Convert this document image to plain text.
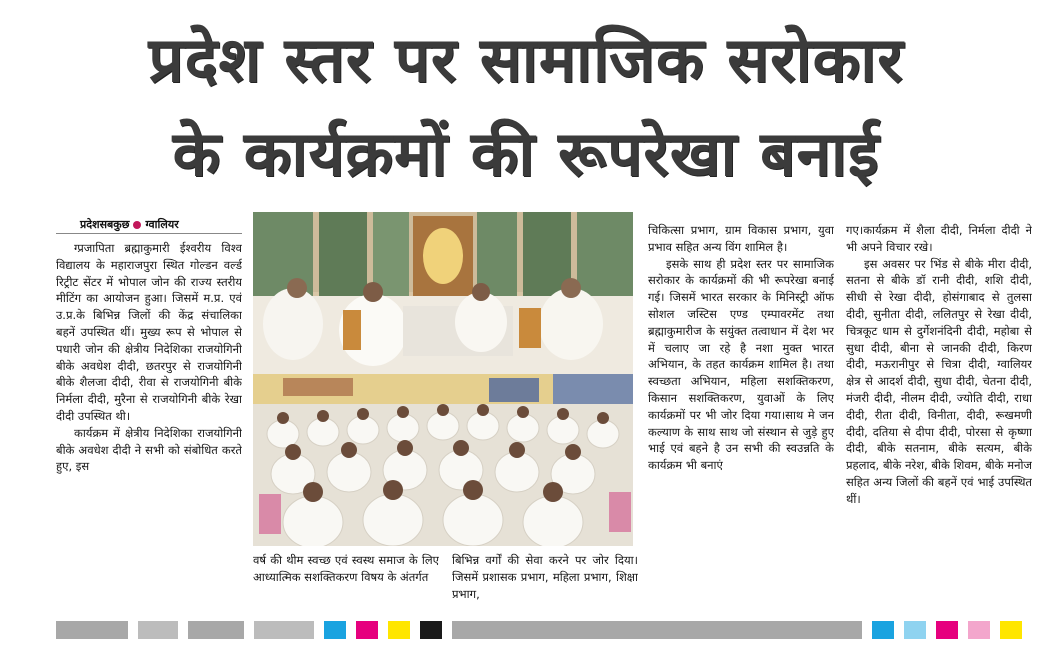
प्रदेश स्तर पर सामाजिक सरोकार
के कार्यक्रमों की रूपरेखा बनाई
प्रदेशसबकुछ ग्वालियर

ग्प्रजापिता ब्रह्माकुमारी ईश्वरीय विश्व विद्यालय के महाराजपुरा स्थित गोल्डन वर्ल्ड रिट्रीट सेंटर में भोपाल जोन की राज्य स्तरीय मीटिंग का आयोजन हुआ। जिसमें म.प्र. एवं उ.प्र.के बिभिन्न जिलों की केंद्र संचालिका बहनें उपस्थित थीं। मुख्य रूप से भोपाल से पधारी जोन की क्षेत्रीय निदेशिका राजयोगिनी बीके अवधेश दीदी, छतरपुर से राजयोगिनी बीके शैलजा दीदी, रीवा से राजयोगिनी बीके निर्मला दीदी, मुरैना से राजयोगिनी बीके रेखा दीदी उपस्थित थी।

कार्यक्रम में क्षेत्रीय निदेशिका राजयोगिनी बीके अवधेश दीदी ने सभी को संबोधित करते हुए, इस

वर्ष की थीम स्वच्छ एवं स्वस्थ समाज के लिए आध्यात्मिक सशक्तिकरण विषय के अंतर्गत

बिभिन्न वर्गों की सेवा करने पर जोर दिया। जिसमें प्रशासक प्रभाग, महिला प्रभाग, शिक्षा प्रभाग,

चिकित्सा प्रभाग, ग्राम विकास प्रभाग, युवा प्रभाव सहित अन्य विंग शामिल है।

इसके साथ ही प्रदेश स्तर पर सामाजिक सरोकार के कार्यक्रमों की भी रूपरेखा बनाई गई। जिसमें भारत सरकार के मिनिस्ट्री ऑफ सोशल जस्टिस एण्ड एम्पावरमेंट तथा ब्रह्माकुमारीज के सयुंक्त तत्वाधान में देश भर में चलाए जा रहे है नशा मुक्त भारत अभियान, के तहत कार्यक्रम शामिल है। तथा स्वच्छता अभियान, महिला सशक्तिकरण, किसान सशक्तिकरण, युवाओं के लिए कार्यक्रमों पर भी जोर दिया गया।साथ मे जन कल्याण के साथ साथ जो संस्थान से जुड़े हुए भाई एवं बहने है उन सभी की स्वउन्नति के कार्यक्रम भी बनाएं

गए।कार्यक्रम में शैला दीदी, निर्मला दीदी ने भी अपने विचार रखे।

इस अवसर पर भिंड से बीके मीरा दीदी, सतना से बीके डॉ रानी दीदी, शशि दीदी, सीधी से रेखा दीदी, होसंगाबाद से तुलसा दीदी, सुनीता दीदी, ललितपुर से रेखा दीदी, चित्रकूट धाम से दुर्गेशनंदिनी दीदी, महोबा से सुधा दीदी, बीना से जानकी दीदी, किरण दीदी, मऊरानीपुर से चित्रा दीदी, ग्वालियर क्षेत्र से आदर्श दीदी, सुधा दीदी, चेतना दीदी, मंजरी दीदी, नीलम दीदी, ज्योति दीदी, राधा दीदी, रीता दीदी, विनीता, दीदी, रूखमणी दीदी, दतिया से दीपा दीदी, पोरसा से कृष्णा दीदी, बीके सतनाम, बीके सत्यम, बीके प्रहलाद, बीके नरेश, बीके शिवम, बीके मनोज सहित अन्य जिलों की बहनें एवं भाई उपस्थित थीं।
